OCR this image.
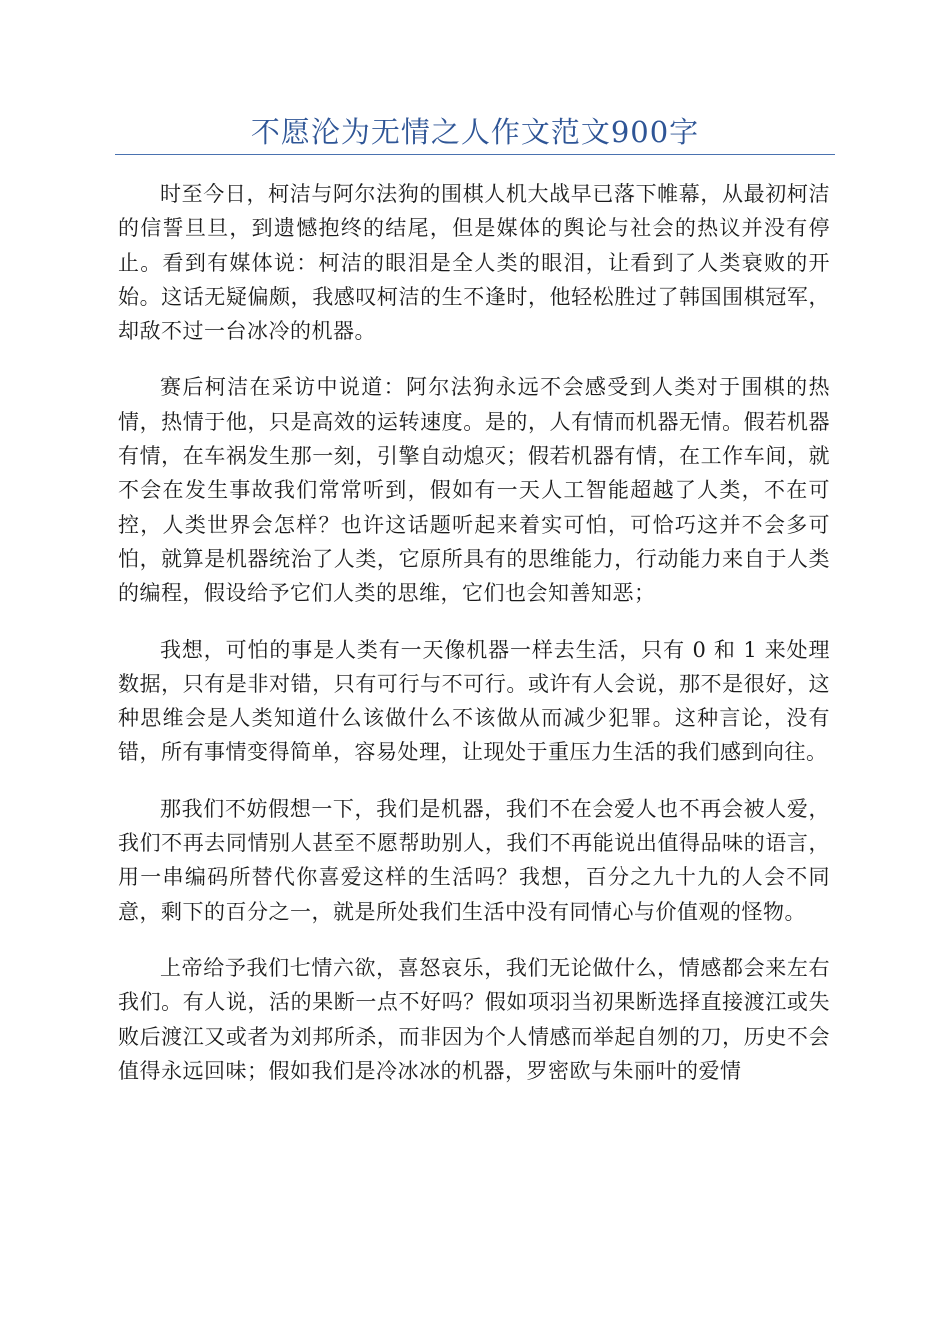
不愿沦为无情之人作文范文900字

时至今日，柯洁与阿尔法狗的围棋人机大战早已落下帷幕，从最初柯洁的信誓旦旦，到遗憾抱终的结尾，但是媒体的舆论与社会的热议并没有停止。看到有媒体说：柯洁的眼泪是全人类的眼泪，让看到了人类衰败的开始。这话无疑偏颇，我感叹柯洁的生不逢时，他轻松胜过了韩国围棋冠军，却敌不过一台冰冷的机器。

赛后柯洁在采访中说道：阿尔法狗永远不会感受到人类对于围棋的热情，热情于他，只是高效的运转速度。是的，人有情而机器无情。假若机器有情，在车祸发生那一刻，引擎自动熄灭；假若机器有情，在工作车间，就不会在发生事故我们常常听到，假如有一天人工智能超越了人类，不在可控，人类世界会怎样？也许这话题听起来着实可怕，可恰巧这并不会多可怕，就算是机器统治了人类，它原所具有的思维能力，行动能力来自于人类的编程，假设给予它们人类的思维，它们也会知善知恶；

我想，可怕的事是人类有一天像机器一样去生活，只有 0 和 1 来处理数据，只有是非对错，只有可行与不可行。或许有人会说，那不是很好，这种思维会是人类知道什么该做什么不该做从而减少犯罪。这种言论，没有错，所有事情变得简单，容易处理，让现处于重压力生活的我们感到向往。

那我们不妨假想一下，我们是机器，我们不在会爱人也不再会被人爱，我们不再去同情别人甚至不愿帮助别人，我们不再能说出值得品味的语言，用一串编码所替代你喜爱这样的生活吗？我想，百分之九十九的人会不同意，剩下的百分之一，就是所处我们生活中没有同情心与价值观的怪物。

上帝给予我们七情六欲，喜怒哀乐，我们无论做什么，情感都会来左右我们。有人说，活的果断一点不好吗？假如项羽当初果断选择直接渡江或失败后渡江又或者为刘邦所杀，而非因为个人情感而举起自刎的刀，历史不会值得永远回味；假如我们是冷冰冰的机器，罗密欧与朱丽叶的爱情
